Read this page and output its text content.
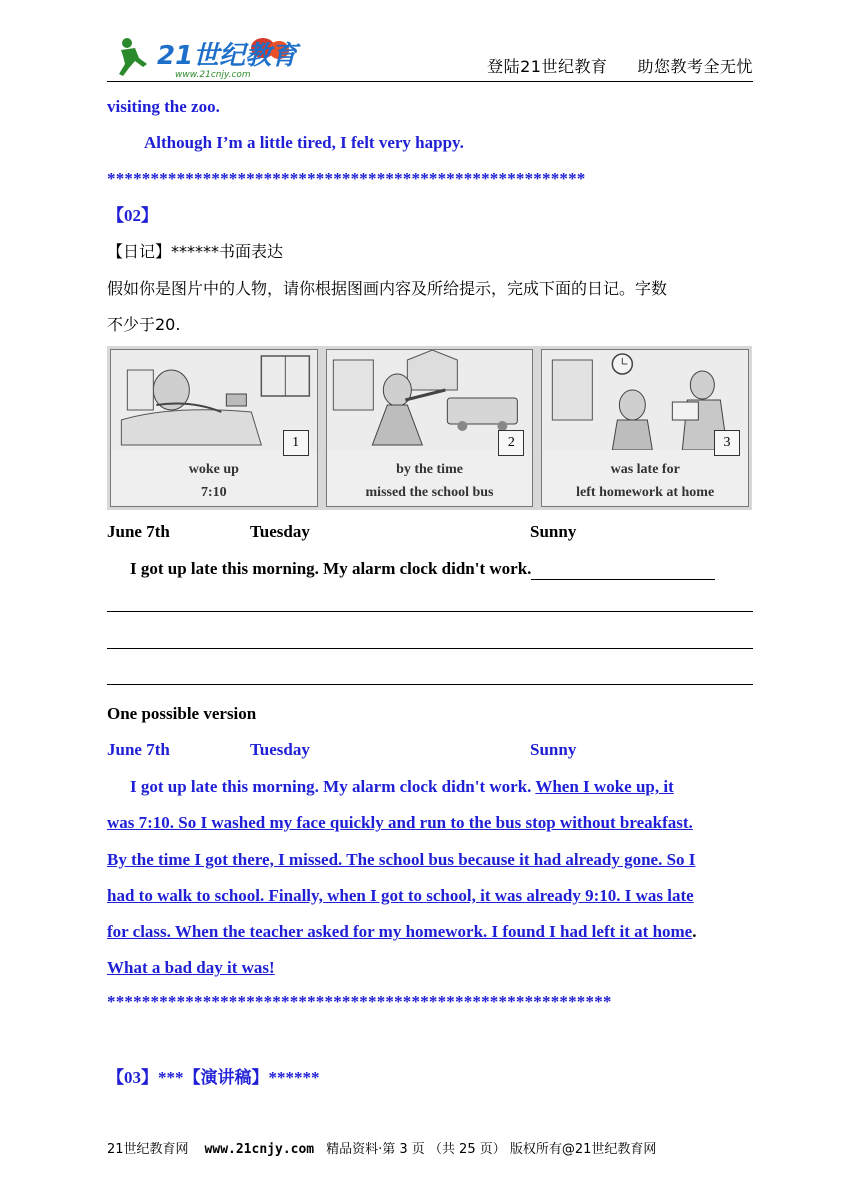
21世纪教育
www.21cnjy.com	登陆21世纪教育 助您教考全无忧
visiting the zoo.
Although I’m a little tired, I felt very happy.
*******************************************************
【02】
【日记】******书面表达
假如你是图片中的人物，请你根据图画内容及所给提示，完成下面的日记。字数
不少于20.
1
woke up
7:10
2
by the time
missed the school bus
3
was late for
left homework at home
June 7th	Tuesday	Sunny
I got up late this morning. My alarm clock didn't work.
One possible version
June 7th	Tuesday	Sunny
I got up late this morning. My alarm clock didn't work. When I woke up, it
was 7:10. So I washed my face quickly and run to the bus stop without breakfast.
By the time I got there, I missed. The school bus because it had already gone. So I
had to walk to school. Finally, when I got to school, it was already 9:10. I was late
for class. When the teacher asked for my homework. I found I had left it at home.
What a bad day it was!
**********************************************************
【03】***【演讲稿】******
21世纪教育网 www.21cnjy.com 精品资料·第 3 页 （共 25 页） 版权所有@21世纪教育网
